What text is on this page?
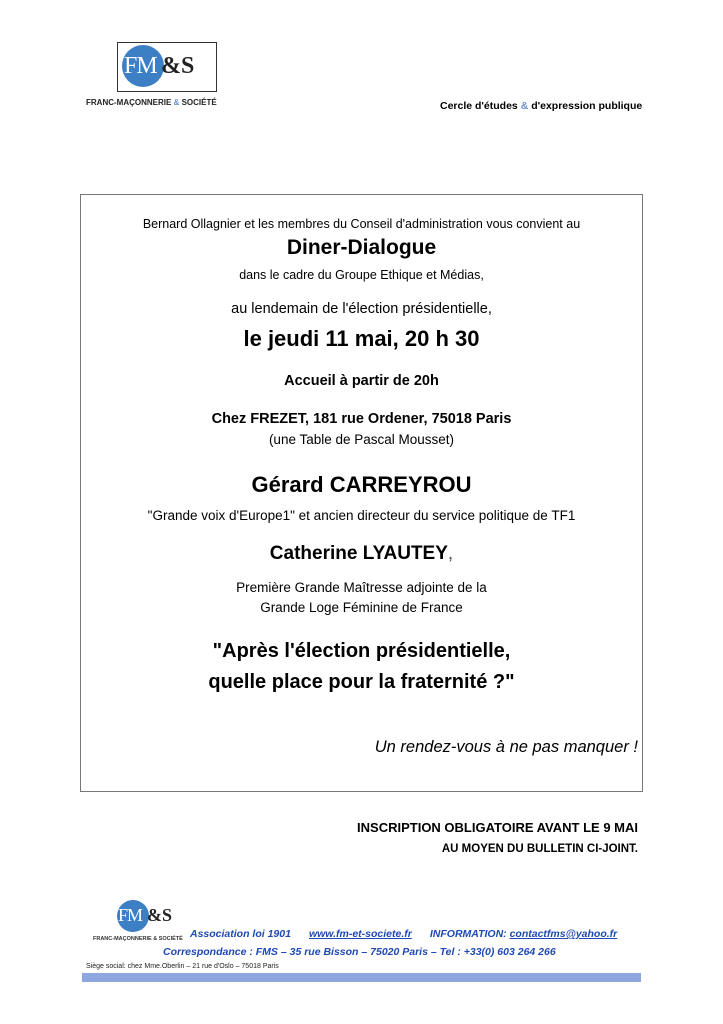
FM &S
FRANC-MAÇONNERIE & SOCIÉTÉ	Cercle d'études & d'expression publique
Bernard Ollagnier et les membres du Conseil d'administration vous convient au
Diner-Dialogue
dans le cadre du Groupe Ethique et Médias,
au lendemain de l'élection présidentielle,
le jeudi 11 mai, 20 h 30
Accueil à partir de 20h
Chez FREZET, 181 rue Ordener, 75018 Paris
(une Table de Pascal Mousset)
Gérard CARREYROU
"Grande voix d'Europe1" et ancien directeur du service politique de TF1
Catherine LYAUTEY,
Première Grande Maîtresse adjointe de la
Grande Loge Féminine de France
"Après l'élection présidentielle,
quelle place pour la fraternité ?"
Un rendez-vous à ne pas manquer !
INSCRIPTION OBLIGATOIRE AVANT LE 9 MAI
AU MOYEN DU BULLETIN CI-JOINT.
FM &S
FRANC-MAÇONNERIE & SOCIÉTÉ Association loi 1901 www.fm-et-societe.fr INFORMATION: contactfms@yahoo.fr
Correspondance : FMS – 35 rue Bisson – 75020 Paris – Tel : +33(0) 603 264 266
Siège social: chez Mme.Oberlin – 21 rue d'Oslo – 75018 Paris
